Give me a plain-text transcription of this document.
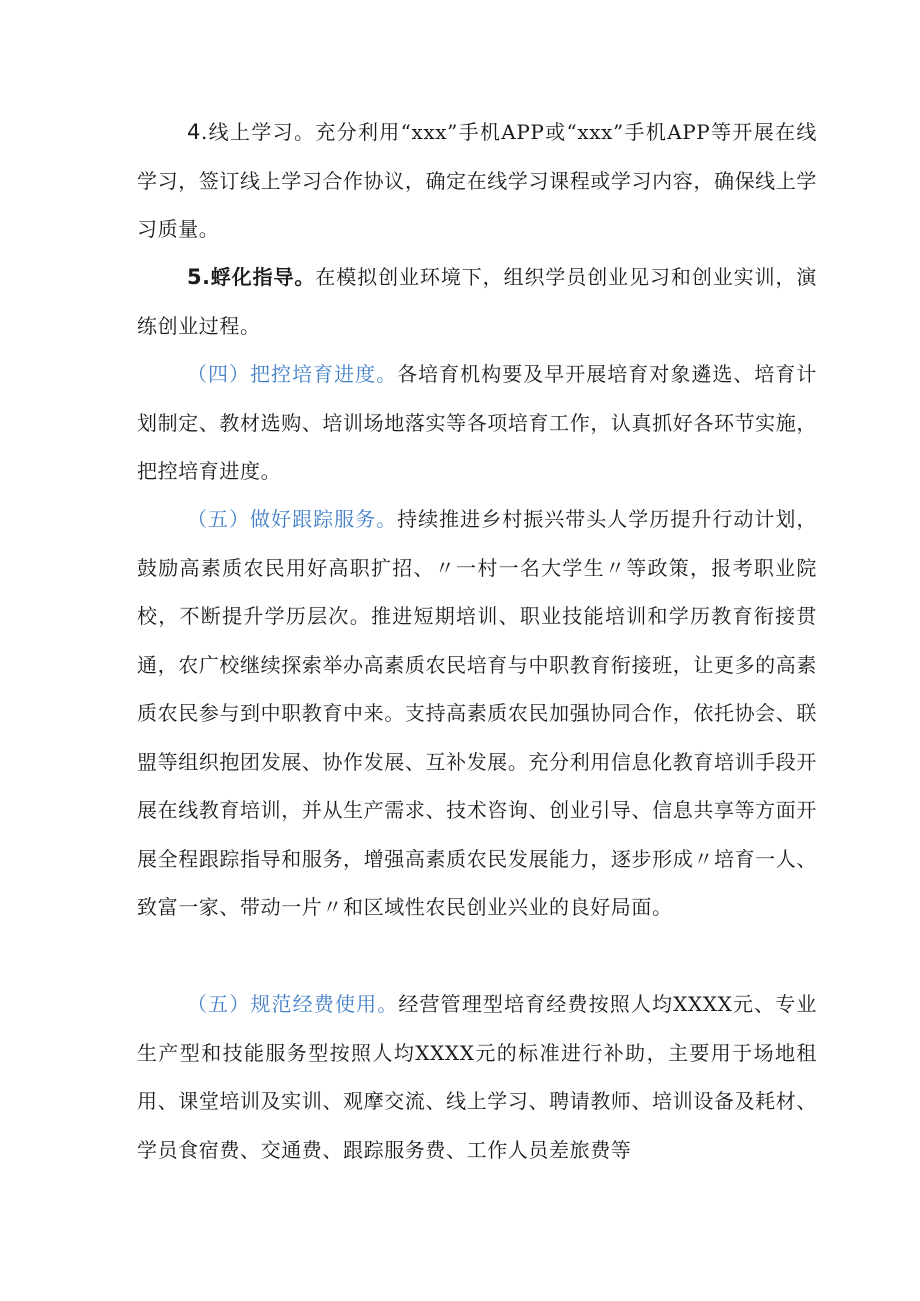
4.线上学习。充分利用“xxx”手机APP或“xxx”手机APP等开展在线学习，签订线上学习合作协议，确定在线学习课程或学习内容，确保线上学习质量。

5.蜉化指导。在模拟创业环境下，组织学员创业见习和创业实训，演练创业过程。

（四）把控培育进度。各培育机构要及早开展培育对象遴选、培育计划制定、教材选购、培训场地落实等各项培育工作，认真抓好各环节实施，把控培育进度。

（五）做好跟踪服务。持续推进乡村振兴带头人学历提升行动计划，鼓励高素质农民用好高职扩招、〃一村一名大学生〃等政策，报考职业院校，不断提升学历层次。推进短期培训、职业技能培训和学历教育衔接贯通，农广校继续探索举办高素质农民培育与中职教育衔接班，让更多的高素质农民参与到中职教育中来。支持高素质农民加强协同合作，依托协会、联盟等组织抱团发展、协作发展、互补发展。充分利用信息化教育培训手段开展在线教育培训，并从生产需求、技术咨询、创业引导、信息共享等方面开展全程跟踪指导和服务，增强高素质农民发展能力，逐步形成〃培育一人、致富一家、带动一片〃和区域性农民创业兴业的良好局面。

（五）规范经费使用。经营管理型培育经费按照人均XXXX元、专业生产型和技能服务型按照人均XXXX元的标准进行补助，主要用于场地租用、课堂培训及实训、观摩交流、线上学习、聘请教师、培训设备及耗材、学员食宿费、交通费、跟踪服务费、工作人员差旅费等
